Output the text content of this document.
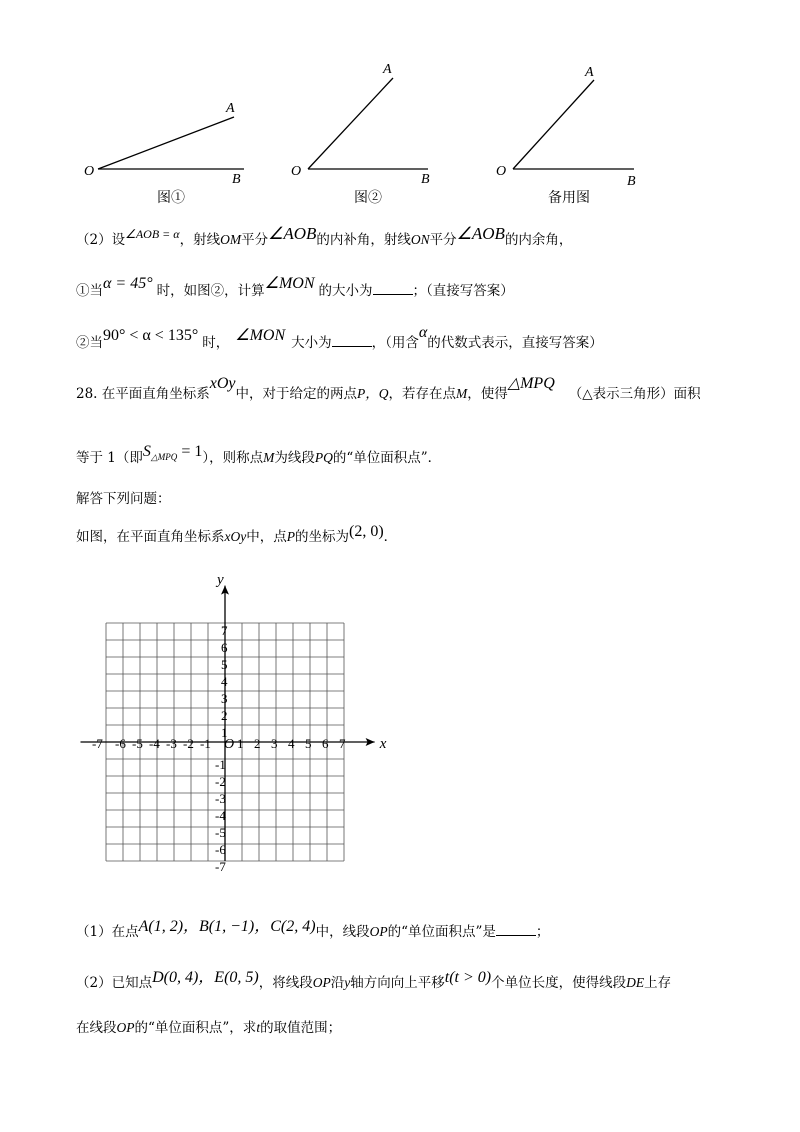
A
O
B
A
O
B
A
O
B
图①	图②	备用图
（2）设∠AOB = α，射线OM平分∠AOB的内补角，射线ON平分∠AOB的内余角，
①当α = 45° 时，如图②，计算∠MON 的大小为	；（直接写答案）
②当90° < α < 135° 时， ∠MON 大小为	，（用含α的代数式表示，直接写答案）
28. 在平面直角坐标系xOy中，对于给定的两点P，Q，若存在点M，使得△MPQ（△表示三角形）面积
等于 1（即$S_{\triangle MPQ} = 1$），则称点M为线段PQ的“单位面积点”．
解答下列问题：
如图，在平面直角坐标系xOy中，点P的坐标为(2, 0)．
x
y
O
-7 -6 -5 -4 -3 -2 -1 1 2 3 4 5 6 7
7
6
5
4
3
2
1
-1
-2
-3
-4
-5
-6
-7
（1）在点A(1, 2)，B(1, −1)，C(2, 4)中，线段OP的“单位面积点”是	；
（2）已知点D(0, 4)，E(0, 5)，将线段OP沿y轴方向向上平移t(t > 0)个单位长度，使得线段DE上存
在线段OP的“单位面积点”，求t的取值范围；
